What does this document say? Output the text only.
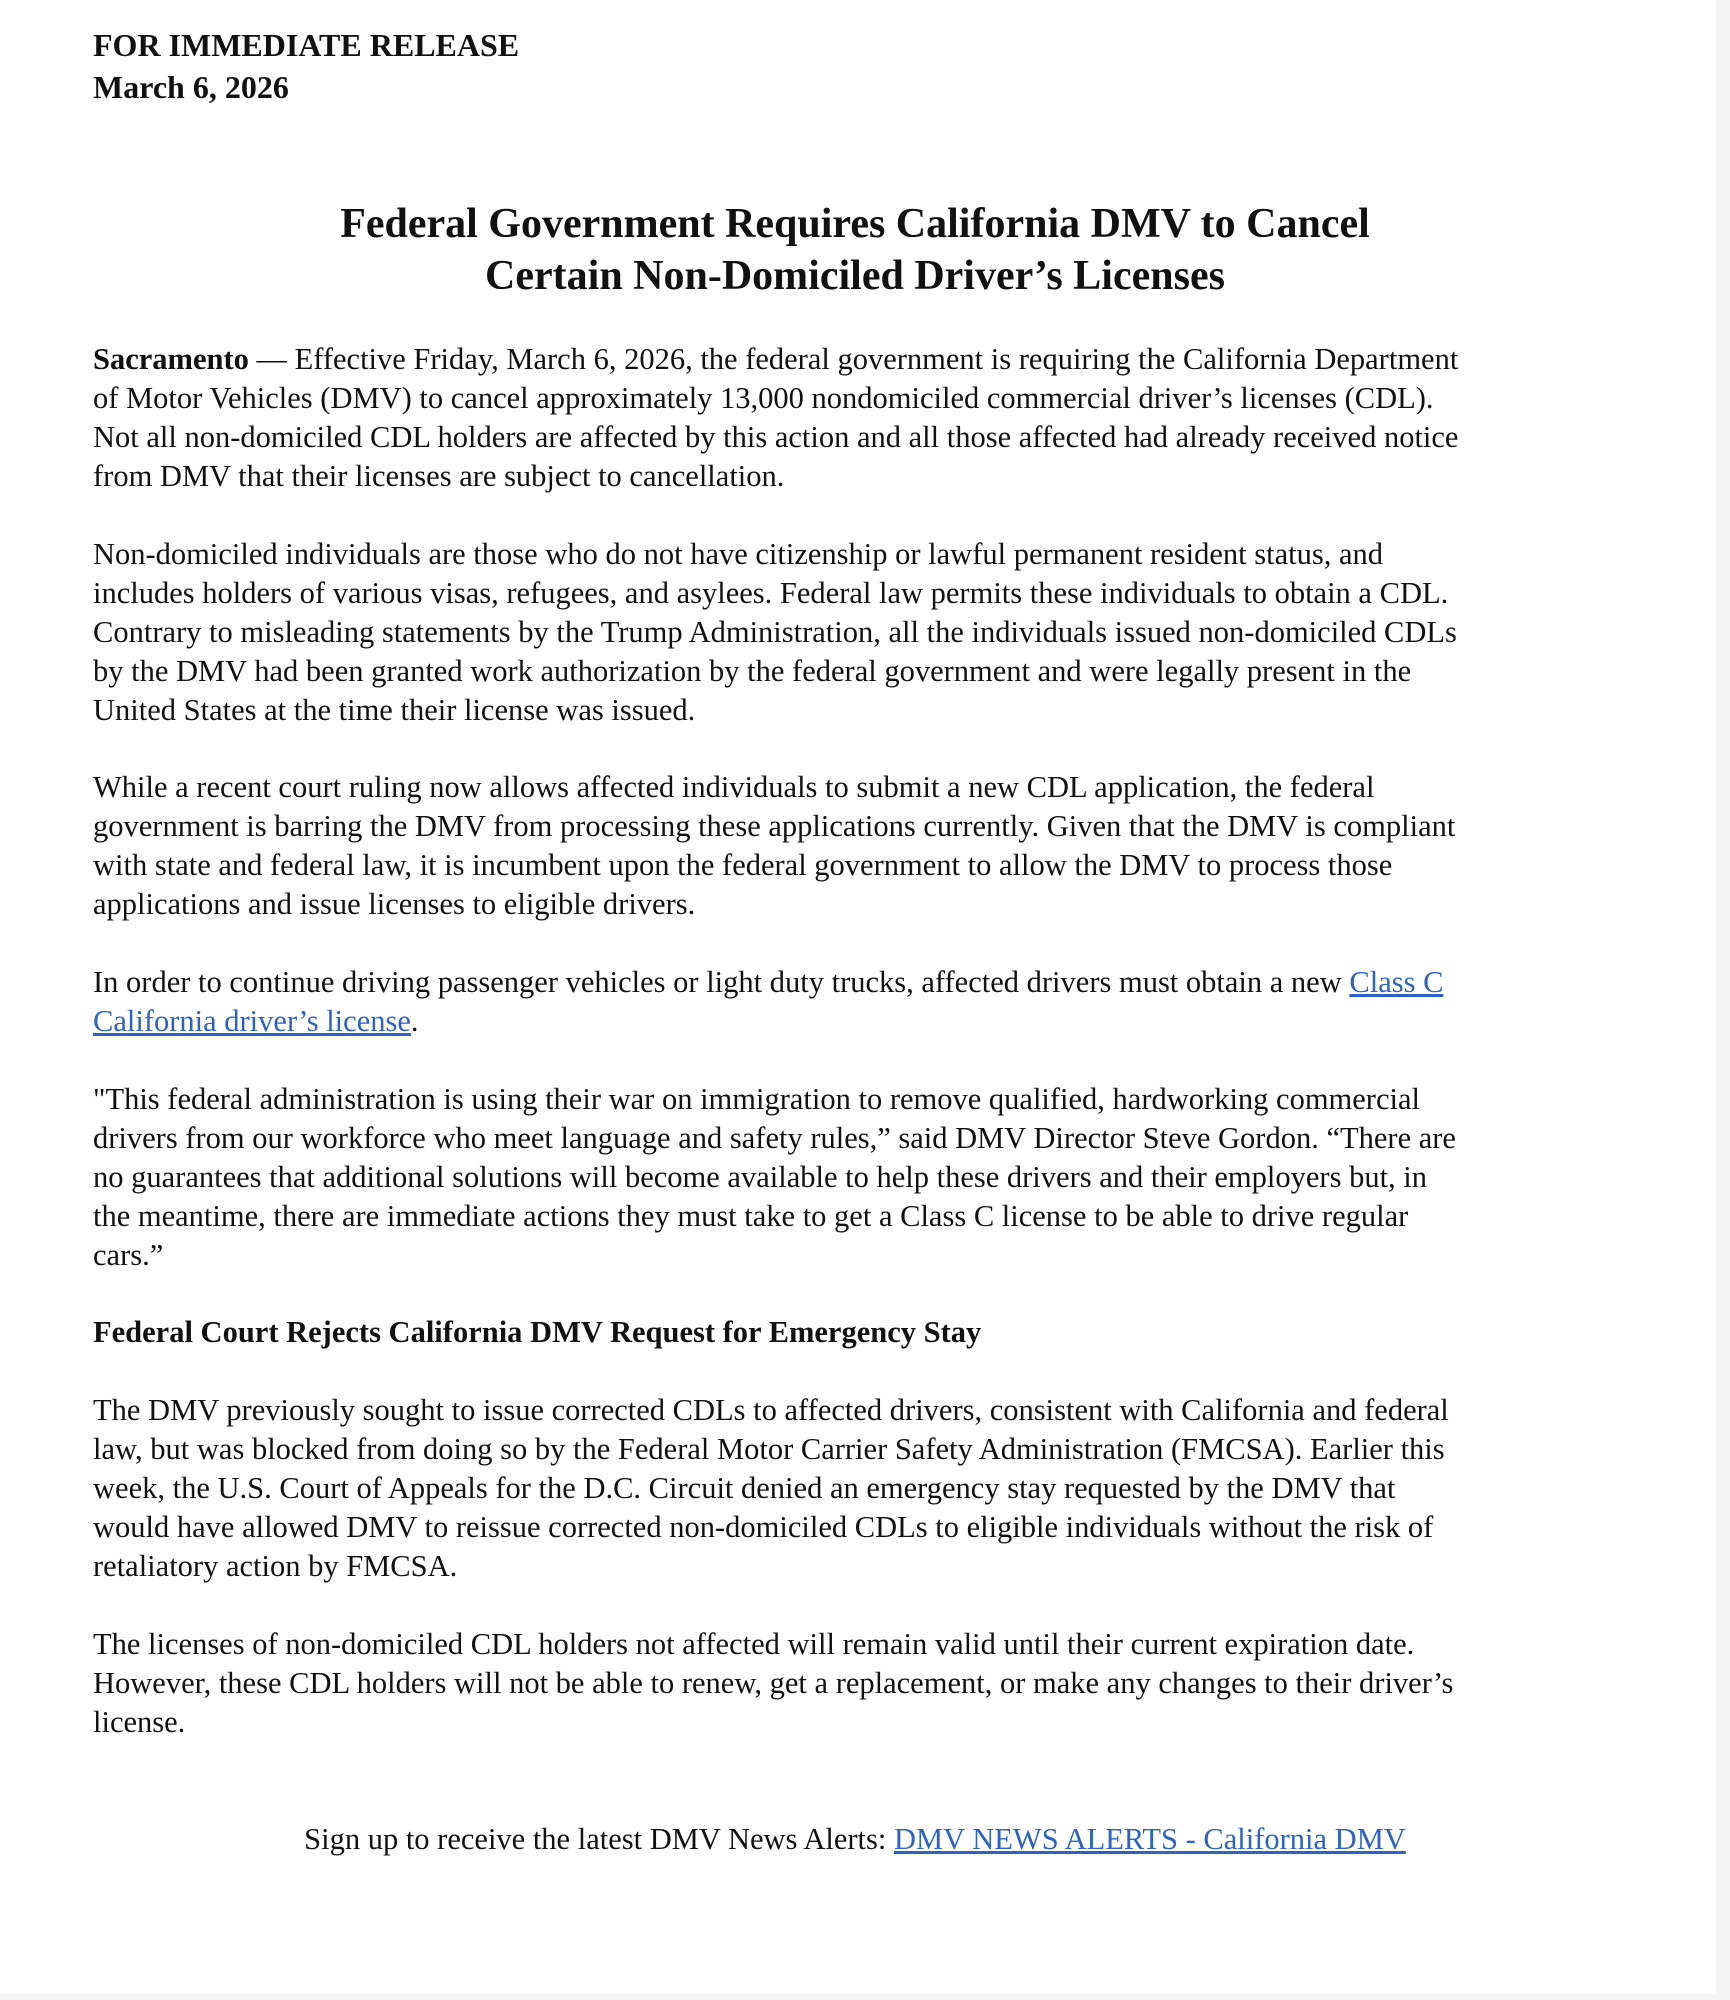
FOR IMMEDIATE RELEASE
March 6, 2026
Federal Government Requires California DMV to Cancel
Certain Non-Domiciled Driver’s Licenses
Sacramento — Effective Friday, March 6, 2026, the federal government is requiring the California Department
of Motor Vehicles (DMV) to cancel approximately 13,000 nondomiciled commercial driver’s licenses (CDL).
Not all non-domiciled CDL holders are affected by this action and all those affected had already received notice
from DMV that their licenses are subject to cancellation.
Non-domiciled individuals are those who do not have citizenship or lawful permanent resident status, and
includes holders of various visas, refugees, and asylees. Federal law permits these individuals to obtain a CDL.
Contrary to misleading statements by the Trump Administration, all the individuals issued non-domiciled CDLs
by the DMV had been granted work authorization by the federal government and were legally present in the
United States at the time their license was issued.
While a recent court ruling now allows affected individuals to submit a new CDL application, the federal
government is barring the DMV from processing these applications currently. Given that the DMV is compliant
with state and federal law, it is incumbent upon the federal government to allow the DMV to process those
applications and issue licenses to eligible drivers.
In order to continue driving passenger vehicles or light duty trucks, affected drivers must obtain a new Class C
California driver’s license.
"This federal administration is using their war on immigration to remove qualified, hardworking commercial
drivers from our workforce who meet language and safety rules,” said DMV Director Steve Gordon. “There are
no guarantees that additional solutions will become available to help these drivers and their employers but, in
the meantime, there are immediate actions they must take to get a Class C license to be able to drive regular
cars.”
Federal Court Rejects California DMV Request for Emergency Stay
The DMV previously sought to issue corrected CDLs to affected drivers, consistent with California and federal
law, but was blocked from doing so by the Federal Motor Carrier Safety Administration (FMCSA). Earlier this
week, the U.S. Court of Appeals for the D.C. Circuit denied an emergency stay requested by the DMV that
would have allowed DMV to reissue corrected non-domiciled CDLs to eligible individuals without the risk of
retaliatory action by FMCSA.
The licenses of non-domiciled CDL holders not affected will remain valid until their current expiration date.
However, these CDL holders will not be able to renew, get a replacement, or make any changes to their driver’s
license.
Sign up to receive the latest DMV News Alerts: DMV NEWS ALERTS - California DMV
